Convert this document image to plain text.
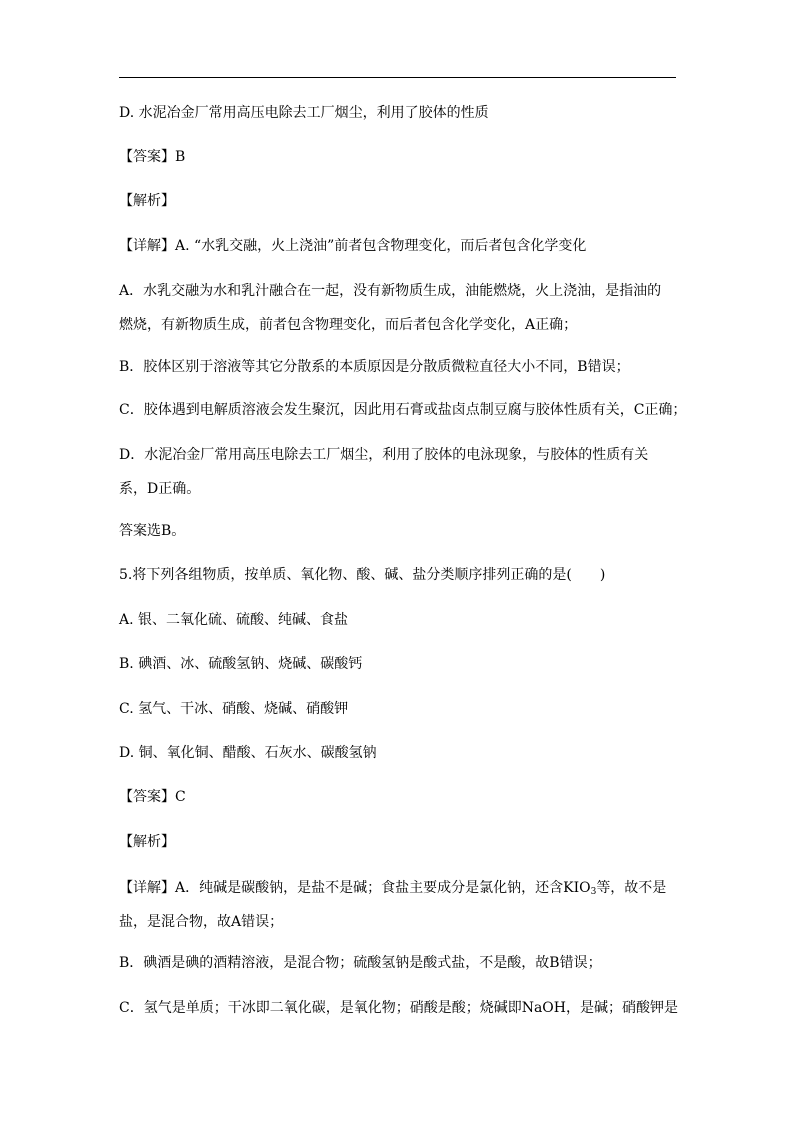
D. 水泥冶金厂常用高压电除去工厂烟尘，利用了胶体的性质
【答案】B
【解析】
【详解】A. “水乳交融，火上浇油”前者包含物理变化，而后者包含化学变化
A．水乳交融为水和乳汁融合在一起，没有新物质生成，油能燃烧，火上浇油，是指油的燃烧，有新物质生成，前者包含物理变化，而后者包含化学变化，A正确；
B．胶体区别于溶液等其它分散系的本质原因是分散质微粒直径大小不同，B错误；
C．胶体遇到电解质溶液会发生聚沉，因此用石膏或盐卤点制豆腐与胶体性质有关，C正确；
D．水泥冶金厂常用高压电除去工厂烟尘，利用了胶体的电泳现象，与胶体的性质有关系，D正确。
答案选B。
5.将下列各组物质，按单质、氧化物、酸、碱、盐分类顺序排列正确的是(　　)
A. 银、二氧化硫、硫酸、纯碱、食盐
B. 碘酒、冰、硫酸氢钠、烧碱、碳酸钙
C. 氢气、干冰、硝酸、烧碱、硝酸钾
D. 铜、氧化铜、醋酸、石灰水、碳酸氢钠
【答案】C
【解析】
【详解】A．纯碱是碳酸钠，是盐不是碱；食盐主要成分是氯化钠，还含$KIO_3$等，故不是盐，是混合物，故A错误；
B．碘酒是碘的酒精溶液，是混合物；硫酸氢钠是酸式盐，不是酸，故B错误；
C．氢气是单质；干冰即二氧化碳，是氧化物；硝酸是酸；烧碱即NaOH，是碱；硝酸钾是
